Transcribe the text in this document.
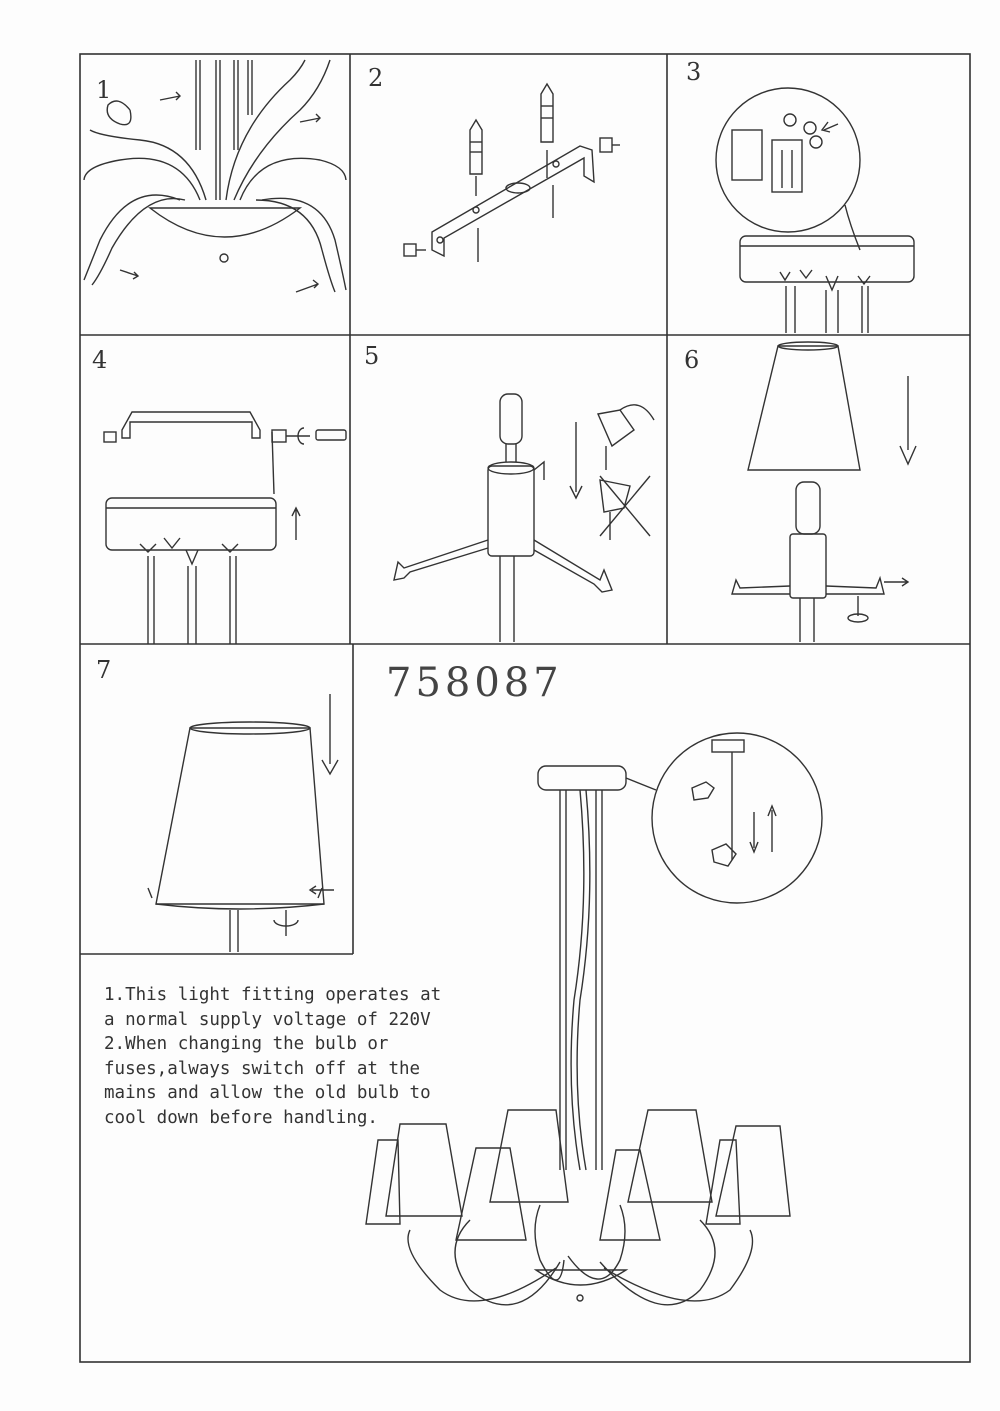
1	2	3
4	5	6
7	758087
1.This light fitting operates at
a normal supply voltage of 220V
2.When changing the bulb or
fuses,always switch off at the
mains and allow the old bulb to
cool down before handling.
